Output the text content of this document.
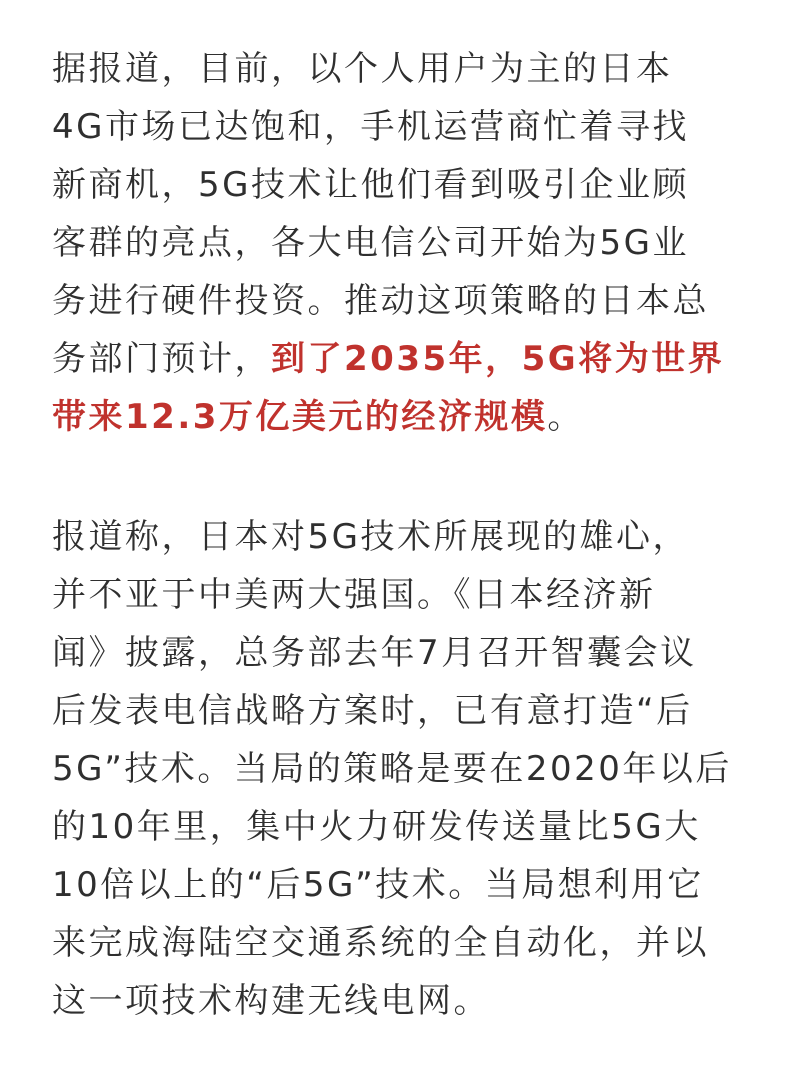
据报道，目前，以个人用户为主的日本
4G市场已达饱和，手机运营商忙着寻找
新商机，5G技术让他们看到吸引企业顾
客群的亮点，各大电信公司开始为5G业
务进行硬件投资。推动这项策略的日本总
务部门预计，到了2035年，5G将为世界
带来12.3万亿美元的经济规模。

报道称，日本对5G技术所展现的雄心，
并不亚于中美两大强国。《日本经济新
闻》披露，总务部去年7月召开智囊会议
后发表电信战略方案时，已有意打造“后
5G”技术。当局的策略是要在2020年以后
的10年里，集中火力研发传送量比5G大
10倍以上的“后5G”技术。当局想利用它
来完成海陆空交通系统的全自动化，并以
这一项技术构建无线电网。
